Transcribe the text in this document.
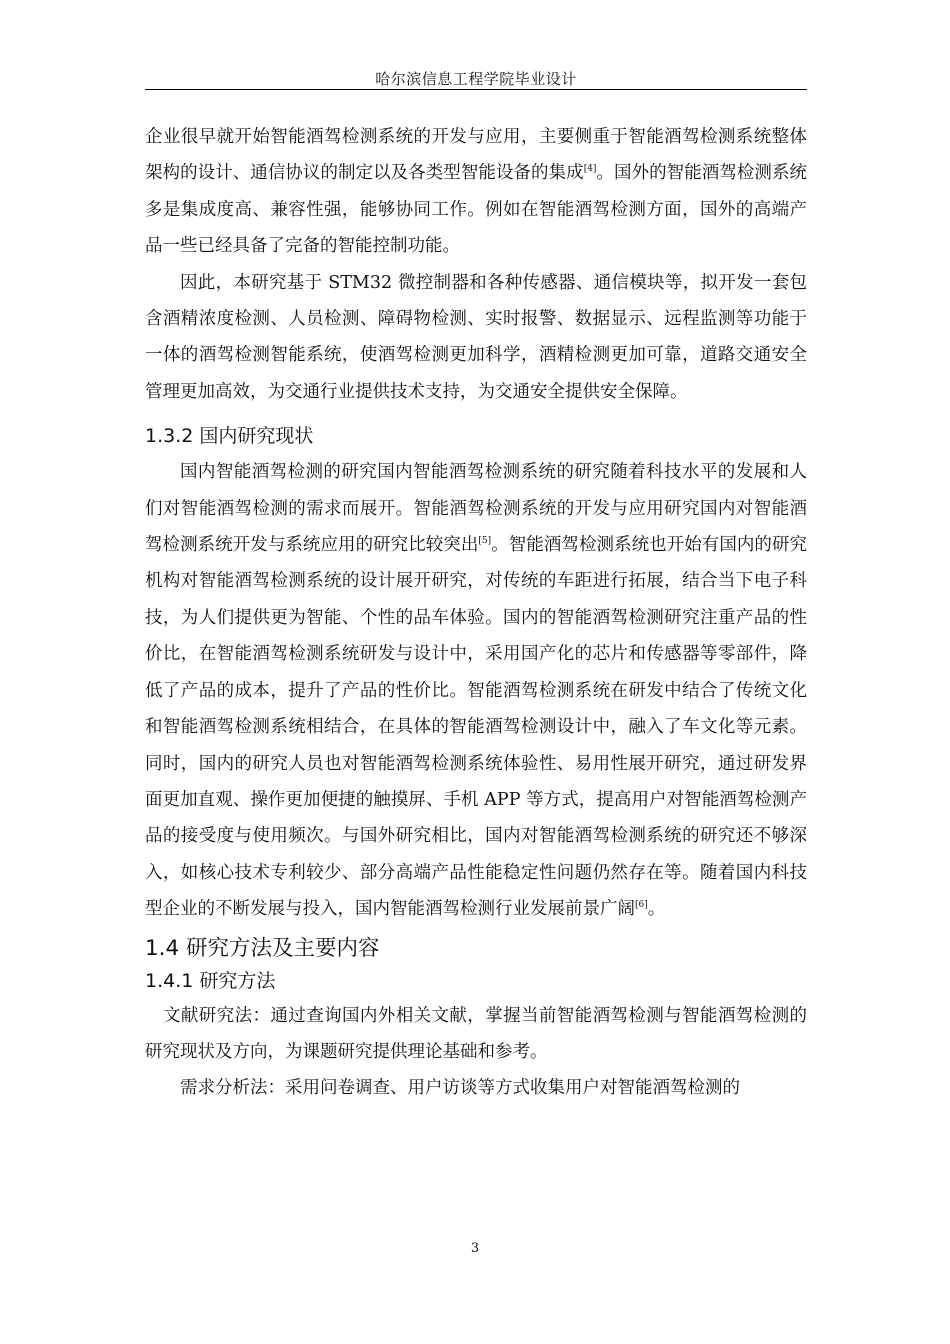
哈尔滨信息工程学院毕业设计

企业很早就开始智能酒驾检测系统的开发与应用，主要侧重于智能酒驾检测系统整体架构的设计、通信协议的制定以及各类型智能设备的集成[4]。国外的智能酒驾检测系统多是集成度高、兼容性强，能够协同工作。例如在智能酒驾检测方面，国外的高端产品一些已经具备了完备的智能控制功能。

因此，本研究基于 STM32 微控制器和各种传感器、通信模块等，拟开发一套包含酒精浓度检测、人员检测、障碍物检测、实时报警、数据显示、远程监测等功能于一体的酒驾检测智能系统，使酒驾检测更加科学，酒精检测更加可靠，道路交通安全管理更加高效，为交通行业提供技术支持，为交通安全提供安全保障。

1.3.2 国内研究现状

国内智能酒驾检测的研究国内智能酒驾检测系统的研究随着科技水平的发展和人们对智能酒驾检测的需求而展开。智能酒驾检测系统的开发与应用研究国内对智能酒驾检测系统开发与系统应用的研究比较突出[5]。智能酒驾检测系统也开始有国内的研究机构对智能酒驾检测系统的设计展开研究，对传统的车距进行拓展，结合当下电子科技，为人们提供更为智能、个性的品车体验。国内的智能酒驾检测研究注重产品的性价比，在智能酒驾检测系统研发与设计中，采用国产化的芯片和传感器等零部件，降低了产品的成本，提升了产品的性价比。智能酒驾检测系统在研发中结合了传统文化和智能酒驾检测系统相结合，在具体的智能酒驾检测设计中，融入了车文化等元素。同时，国内的研究人员也对智能酒驾检测系统体验性、易用性展开研究，通过研发界面更加直观、操作更加便捷的触摸屏、手机 APP 等方式，提高用户对智能酒驾检测产品的接受度与使用频次。与国外研究相比，国内对智能酒驾检测系统的研究还不够深入，如核心技术专利较少、部分高端产品性能稳定性问题仍然存在等。随着国内科技型企业的不断发展与投入，国内智能酒驾检测行业发展前景广阔[6]。

1.4 研究方法及主要内容
1.4.1 研究方法

文献研究法：通过查询国内外相关文献，掌握当前智能酒驾检测与智能酒驾检测的研究现状及方向，为课题研究提供理论基础和参考。

需求分析法：采用问卷调查、用户访谈等方式收集用户对智能酒驾检测的

3
